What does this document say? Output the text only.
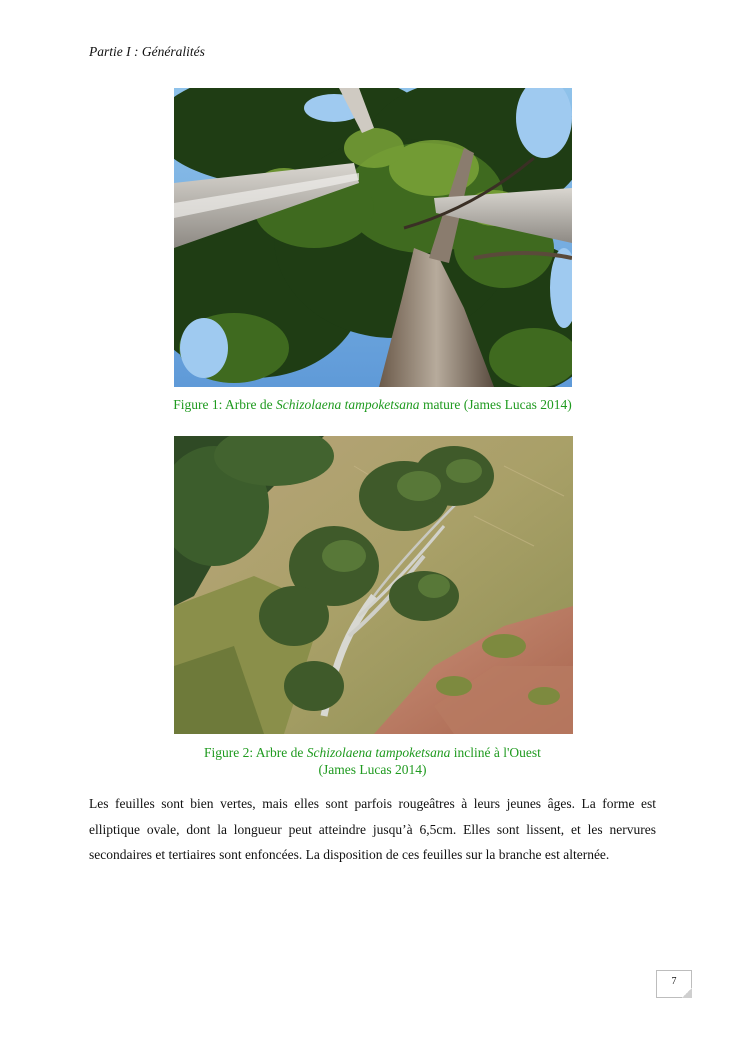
Partie I : Généralités
Figure 1: Arbre de Schizolaena tampoketsana mature (James Lucas 2014)
Figure 2: Arbre de Schizolaena tampoketsana incliné à l'Ouest
(James Lucas 2014)

Les feuilles sont bien vertes, mais elles sont parfois rougeâtres à leurs jeunes âges. La forme est elliptique ovale, dont la longueur peut atteindre jusqu’à 6,5cm. Elles sont lissent, et les nervures secondaires et tertiaires sont enfoncées. La disposition de ces feuilles sur la branche est alternée.

7
